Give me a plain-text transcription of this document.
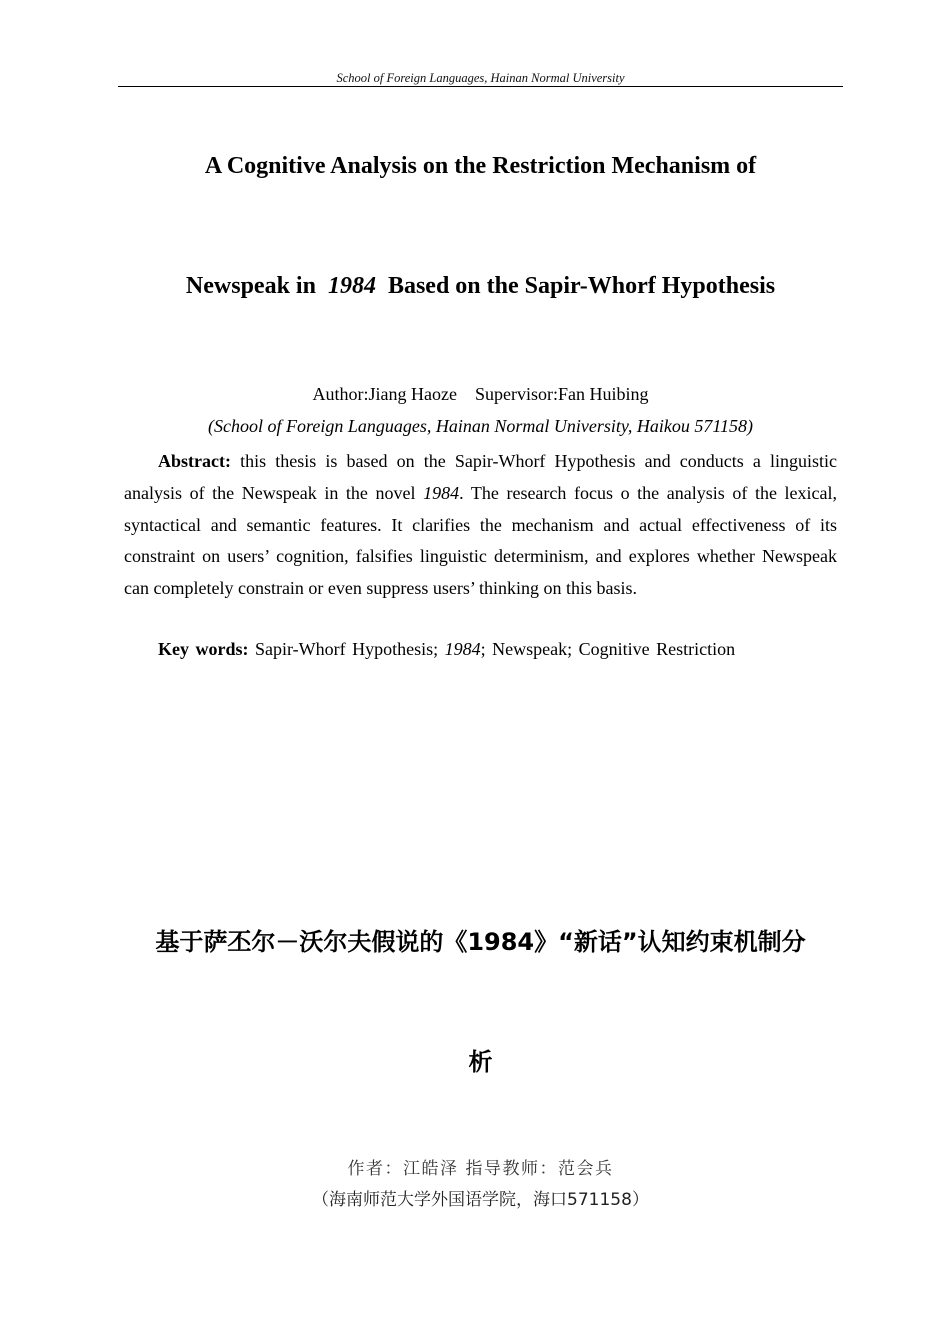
School of Foreign Languages, Hainan Normal University
A Cognitive Analysis on the Restriction Mechanism of
Newspeak in 1984 Based on the Sapir-Whorf Hypothesis
Author:Jiang Haoze Supervisor:Fan Huibing
(School of Foreign Languages, Hainan Normal University, Haikou 571158)

Abstract: this thesis is based on the Sapir-Whorf Hypothesis and conducts a linguistic analysis of the Newspeak in the novel 1984. The research focus o the analysis of the lexical, syntactical and semantic features. It clarifies the mechanism and actual effectiveness of its constraint on users’ cognition, falsifies linguistic determinism, and explores whether Newspeak can completely constrain or even suppress users’ thinking on this basis.

Key words: Sapir-Whorf Hypothesis; 1984; Newspeak; Cognitive Restriction

基于萨丕尔－沃尔夫假说的《1984》“新话”认知约束机制分
析
作者：江皓泽 指导教师：范会兵
（海南师范大学外国语学院，海口571158）
